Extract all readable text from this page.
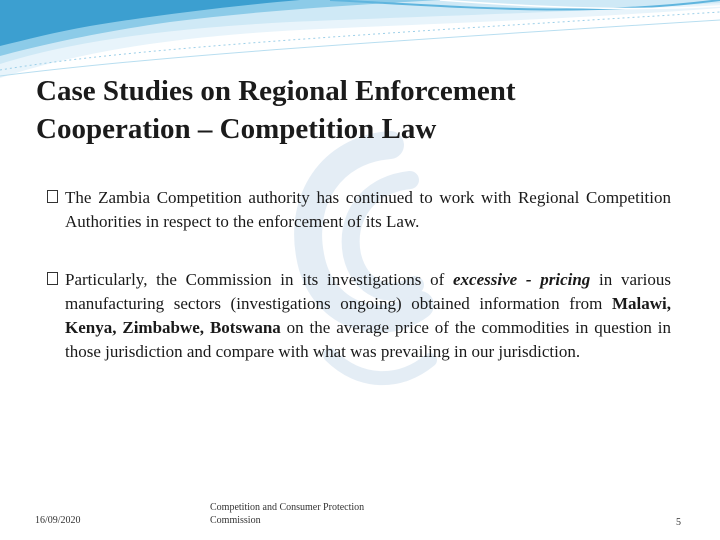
Case Studies on Regional Enforcement
Cooperation – Competition Law
The Zambia Competition authority has continued to work with Regional Competition Authorities in respect to the enforcement of its Law.
Particularly, the Commission in its investigations of excessive - pricing in various manufacturing sectors (investigations ongoing) obtained information from Malawi, Kenya, Zimbabwe, Botswana on the average price of the commodities in question in those jurisdiction and compare with what was prevailing in our jurisdiction.
16/09/2020
Competition and Consumer Protection
Commission	5
